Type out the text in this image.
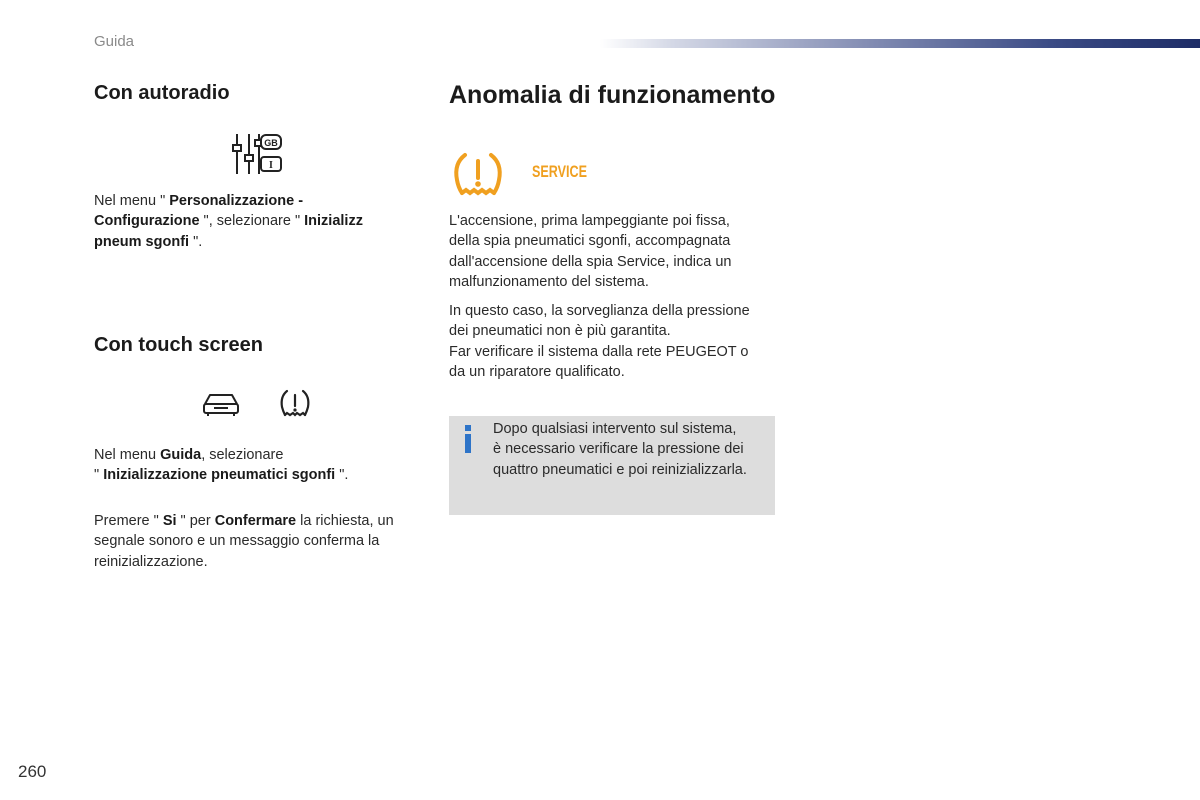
Guida
Con autoradio
GB
I

Nel menu " Personalizzazione -
Configurazione ", selezionare " Inizializz
pneum sgonfi ".

Con touch screen

Nel menu Guida, selezionare
" Inizializzazione pneumatici sgonfi ".

Premere " Si " per Confermare la richiesta, un
segnale sonoro e un messaggio conferma la
reinizializzazione.

Anomalia di funzionamento
SERVICE

L'accensione, prima lampeggiante poi fissa,
della spia pneumatici sgonfi, accompagnata
dall'accensione della spia Service, indica un
malfunzionamento del sistema.

In questo caso, la sorveglianza della pressione
dei pneumatici non è più garantita.
Far verificare il sistema dalla rete PEUGEOT o
da un riparatore qualificato.

Dopo qualsiasi intervento sul sistema,
è necessario verificare la pressione dei
quattro pneumatici e poi reinizializzarla.
260
